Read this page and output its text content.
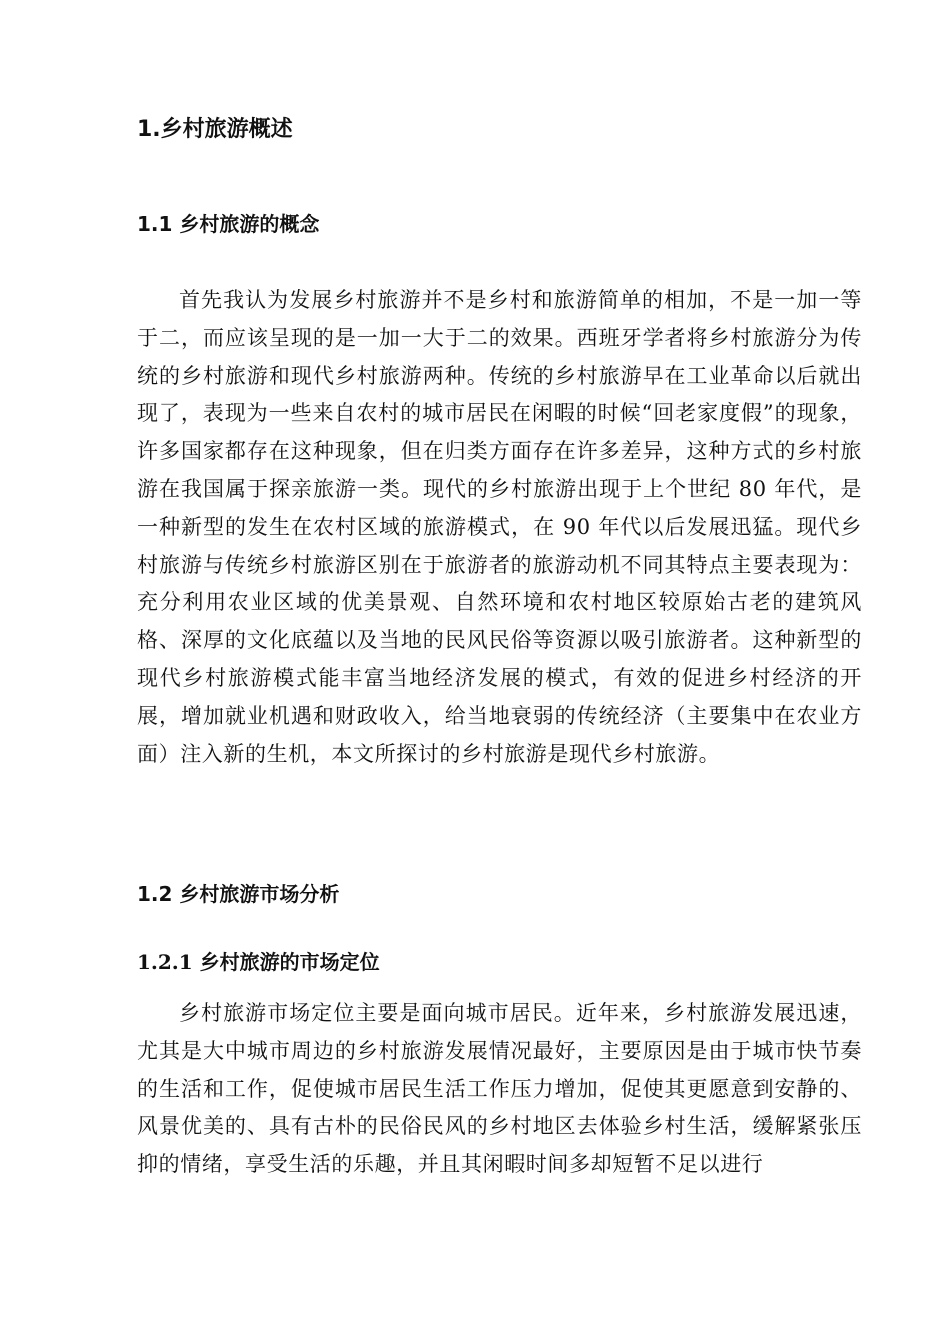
1.乡村旅游概述
1.1 乡村旅游的概念

首先我认为发展乡村旅游并不是乡村和旅游简单的相加，不是一加一等于二，而应该呈现的是一加一大于二的效果。西班牙学者将乡村旅游分为传统的乡村旅游和现代乡村旅游两种。传统的乡村旅游早在工业革命以后就出现了，表现为一些来自农村的城市居民在闲暇的时候“回老家度假”的现象，许多国家都存在这种现象，但在归类方面存在许多差异，这种方式的乡村旅游在我国属于探亲旅游一类。现代的乡村旅游出现于上个世纪 80 年代，是一种新型的发生在农村区域的旅游模式，在 90 年代以后发展迅猛。现代乡村旅游与传统乡村旅游区别在于旅游者的旅游动机不同其特点主要表现为：充分利用农业区域的优美景观、自然环境和农村地区较原始古老的建筑风格、深厚的文化底蕴以及当地的民风民俗等资源以吸引旅游者。这种新型的现代乡村旅游模式能丰富当地经济发展的模式，有效的促进乡村经济的开展，增加就业机遇和财政收入，给当地衰弱的传统经济（主要集中在农业方面）注入新的生机，本文所探讨的乡村旅游是现代乡村旅游。

1.2 乡村旅游市场分析
1.2.1 乡村旅游的市场定位

乡村旅游市场定位主要是面向城市居民。近年来，乡村旅游发展迅速，尤其是大中城市周边的乡村旅游发展情况最好，主要原因是由于城市快节奏的生活和工作，促使城市居民生活工作压力增加，促使其更愿意到安静的、风景优美的、具有古朴的民俗民风的乡村地区去体验乡村生活，缓解紧张压抑的情绪，享受生活的乐趣，并且其闲暇时间多却短暂不足以进行
